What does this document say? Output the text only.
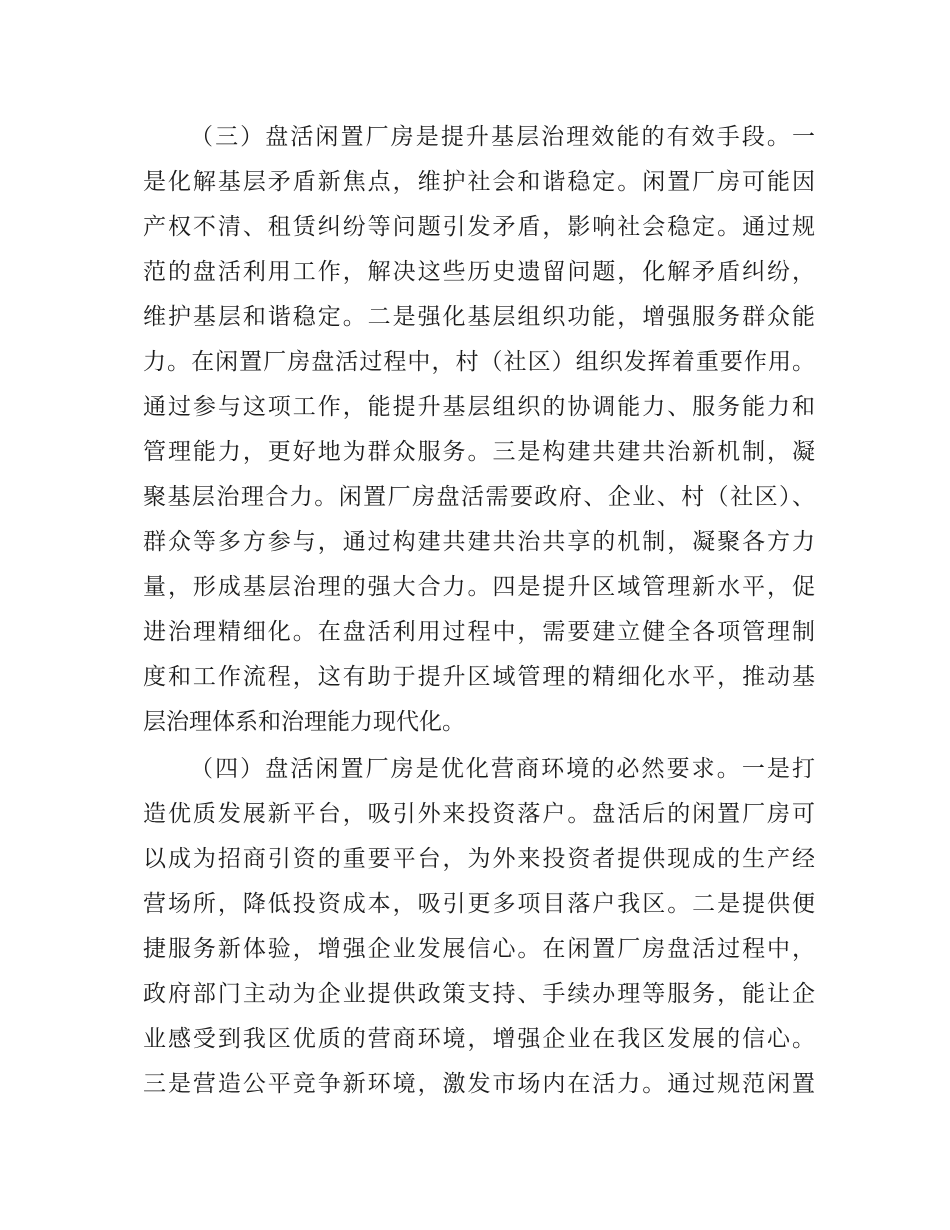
（三）盘活闲置厂房是提升基层治理效能的有效手段。一
是化解基层矛盾新焦点，维护社会和谐稳定。闲置厂房可能因
产权不清、租赁纠纷等问题引发矛盾，影响社会稳定。通过规
范的盘活利用工作，解决这些历史遗留问题，化解矛盾纠纷，
维护基层和谐稳定。二是强化基层组织功能，增强服务群众能
力。在闲置厂房盘活过程中，村（社区）组织发挥着重要作用。
通过参与这项工作，能提升基层组织的协调能力、服务能力和
管理能力，更好地为群众服务。三是构建共建共治新机制，凝
聚基层治理合力。闲置厂房盘活需要政府、企业、村（社区）、
群众等多方参与，通过构建共建共治共享的机制，凝聚各方力
量，形成基层治理的强大合力。四是提升区域管理新水平，促
进治理精细化。在盘活利用过程中，需要建立健全各项管理制
度和工作流程，这有助于提升区域管理的精细化水平，推动基
层治理体系和治理能力现代化。
（四）盘活闲置厂房是优化营商环境的必然要求。一是打
造优质发展新平台，吸引外来投资落户。盘活后的闲置厂房可
以成为招商引资的重要平台，为外来投资者提供现成的生产经
营场所，降低投资成本，吸引更多项目落户我区。二是提供便
捷服务新体验，增强企业发展信心。在闲置厂房盘活过程中，
政府部门主动为企业提供政策支持、手续办理等服务，能让企
业感受到我区优质的营商环境，增强企业在我区发展的信心。
三是营造公平竞争新环境，激发市场内在活力。通过规范闲置
